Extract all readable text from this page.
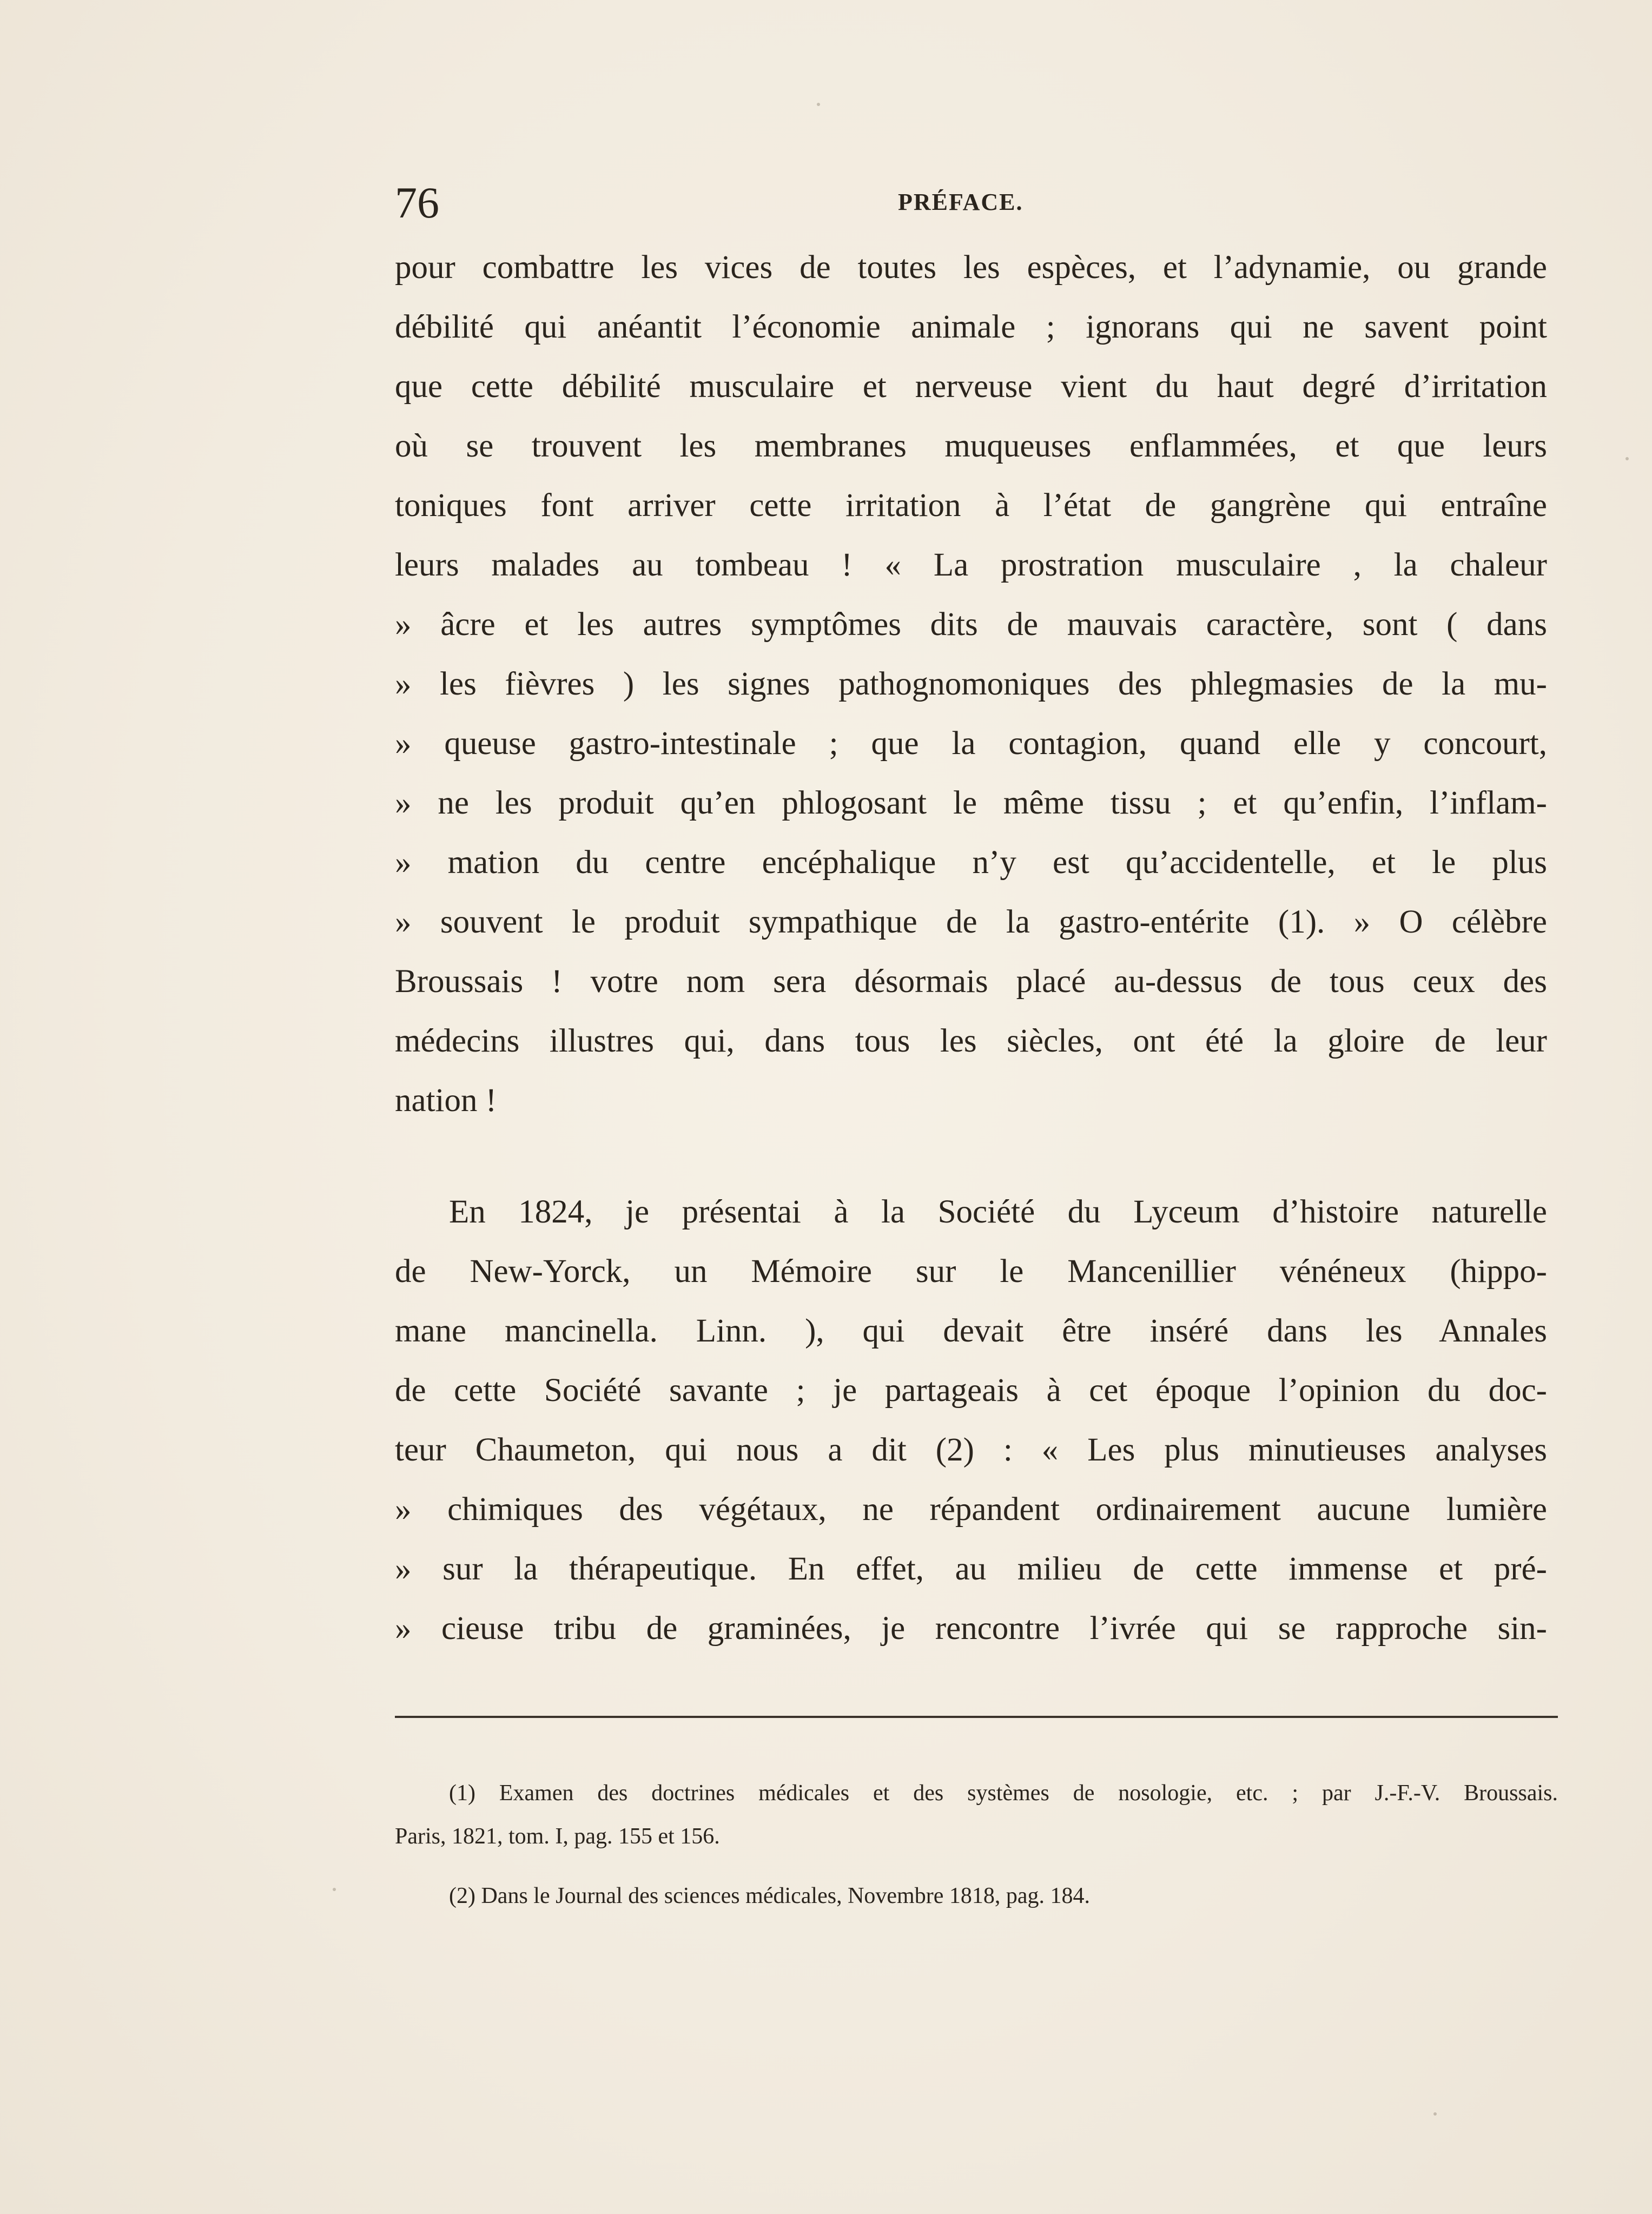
76	PRÉFACE.
pour combattre les vices de toutes les espèces, et l’adynamie, ou grande
débilité qui anéantit l’économie animale ; ignorans qui ne savent point
que cette débilité musculaire et nerveuse vient du haut degré d’irritation
où se trouvent les membranes muqueuses enflammées, et que leurs
toniques font arriver cette irritation à l’état de gangrène qui entraîne
leurs malades au tombeau ! « La prostration musculaire , la chaleur
» âcre et les autres symptômes dits de mauvais caractère, sont ( dans
» les fièvres ) les signes pathognomoniques des phlegmasies de la mu-
» queuse gastro-intestinale ; que la contagion, quand elle y concourt,
» ne les produit qu’en phlogosant le même tissu ; et qu’enfin, l’inflam-
» mation du centre encéphalique n’y est qu’accidentelle, et le plus
» souvent le produit sympathique de la gastro-entérite (1). » O célèbre
Broussais ! votre nom sera désormais placé au-dessus de tous ceux des
médecins illustres qui, dans tous les siècles, ont été la gloire de leur
nation !
En 1824, je présentai à la Société du Lyceum d’histoire naturelle
de New-Yorck, un Mémoire sur le Mancenillier vénéneux (hippo-
mane mancinella. Linn. ), qui devait être inséré dans les Annales
de cette Société savante ; je partageais à cet époque l’opinion du doc-
teur Chaumeton, qui nous a dit (2) : « Les plus minutieuses analyses
» chimiques des végétaux, ne répandent ordinairement aucune lumière
» sur la thérapeutique. En effet, au milieu de cette immense et pré-
» cieuse tribu de graminées, je rencontre l’ivrée qui se rapproche sin-
(1) Examen des doctrines médicales et des systèmes de nosologie, etc. ; par J.-F.-V. Broussais.
Paris, 1821, tom. I, pag. 155 et 156.
(2) Dans le Journal des sciences médicales, Novembre 1818, pag. 184.
